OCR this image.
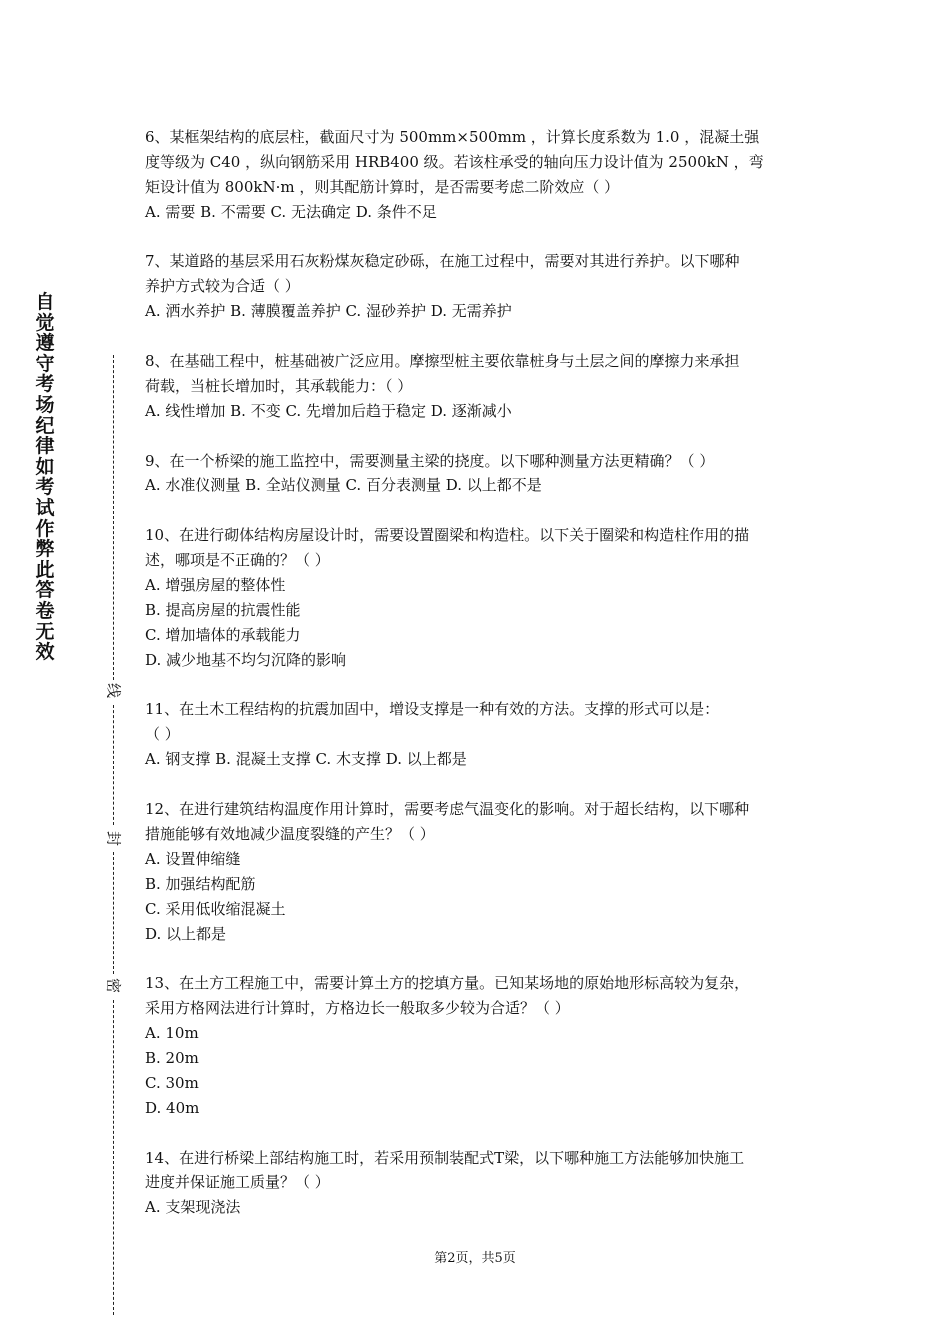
自
觉
遵
守
考
场
纪
律
如
考
试
作
弊
此
答
卷
无
效
线
封
密
6、某框架结构的底层柱，截面尺寸为 500mm×500mm ，计算长度系数为 1.0 ，混凝土强
度等级为 C40 ，纵向钢筋采用 HRB400 级。若该柱承受的轴向压力设计值为 2500kN ，弯
矩设计值为 800kN·m ，则其配筋计算时，是否需要考虑二阶效应（ ）
A. 需要 B. 不需要 C. 无法确定 D. 条件不足
7、某道路的基层采用石灰粉煤灰稳定砂砾，在施工过程中，需要对其进行养护。以下哪种
养护方式较为合适（ ）
A. 洒水养护 B. 薄膜覆盖养护 C. 湿砂养护 D. 无需养护
8、在基础工程中，桩基础被广泛应用。摩擦型桩主要依靠桩身与土层之间的摩擦力来承担
荷载，当桩长增加时，其承载能力：（ ）
A. 线性增加 B. 不变 C. 先增加后趋于稳定 D. 逐渐减小
9、在一个桥梁的施工监控中，需要测量主梁的挠度。以下哪种测量方法更精确？（ ）
A. 水准仪测量 B. 全站仪测量 C. 百分表测量 D. 以上都不是
10、在进行砌体结构房屋设计时，需要设置圈梁和构造柱。以下关于圈梁和构造柱作用的描
述，哪项是不正确的？（ ）
A. 增强房屋的整体性
B. 提高房屋的抗震性能
C. 增加墙体的承载能力
D. 减少地基不均匀沉降的影响
11、在土木工程结构的抗震加固中，增设支撑是一种有效的方法。支撑的形式可以是：
（ ）
A. 钢支撑 B. 混凝土支撑 C. 木支撑 D. 以上都是
12、在进行建筑结构温度作用计算时，需要考虑气温变化的影响。对于超长结构，以下哪种
措施能够有效地减少温度裂缝的产生？（ ）
A. 设置伸缩缝
B. 加强结构配筋
C. 采用低收缩混凝土
D. 以上都是
13、在土方工程施工中，需要计算土方的挖填方量。已知某场地的原始地形标高较为复杂，
采用方格网法进行计算时，方格边长一般取多少较为合适？（ ）
A. 10m
B. 20m
C. 30m
D. 40m
14、在进行桥梁上部结构施工时，若采用预制装配式T梁，以下哪种施工方法能够加快施工
进度并保证施工质量？（ ）
A. 支架现浇法
第2页，共5页
